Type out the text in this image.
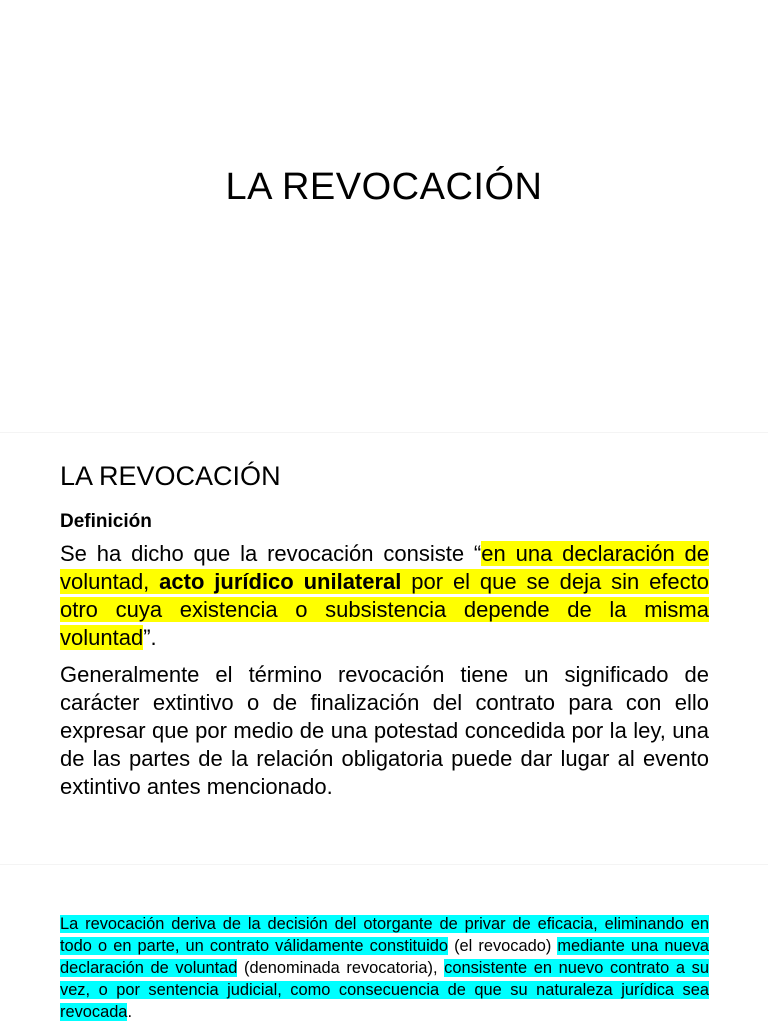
LA REVOCACIÓN
LA REVOCACIÓN
Definición

Se ha dicho que la revocación consiste “en una declaración de voluntad, acto jurídico unilateral por el que se deja sin efecto otro cuya existencia o subsistencia depende de la misma voluntad”.

Generalmente el término revocación tiene un significado de carácter extintivo o de finalización del contrato para con ello expresar que por medio de una potestad concedida por la ley, una de las partes de la relación obligatoria puede dar lugar al evento extintivo antes mencionado.

La revocación deriva de la decisión del otorgante de privar de eficacia, eliminando en todo o en parte, un contrato válidamente constituido (el revocado) mediante una nueva declaración de voluntad (denominada revocatoria), consistente en nuevo contrato a su vez, o por sentencia judicial, como consecuencia de que su naturaleza jurídica sea revocada.
